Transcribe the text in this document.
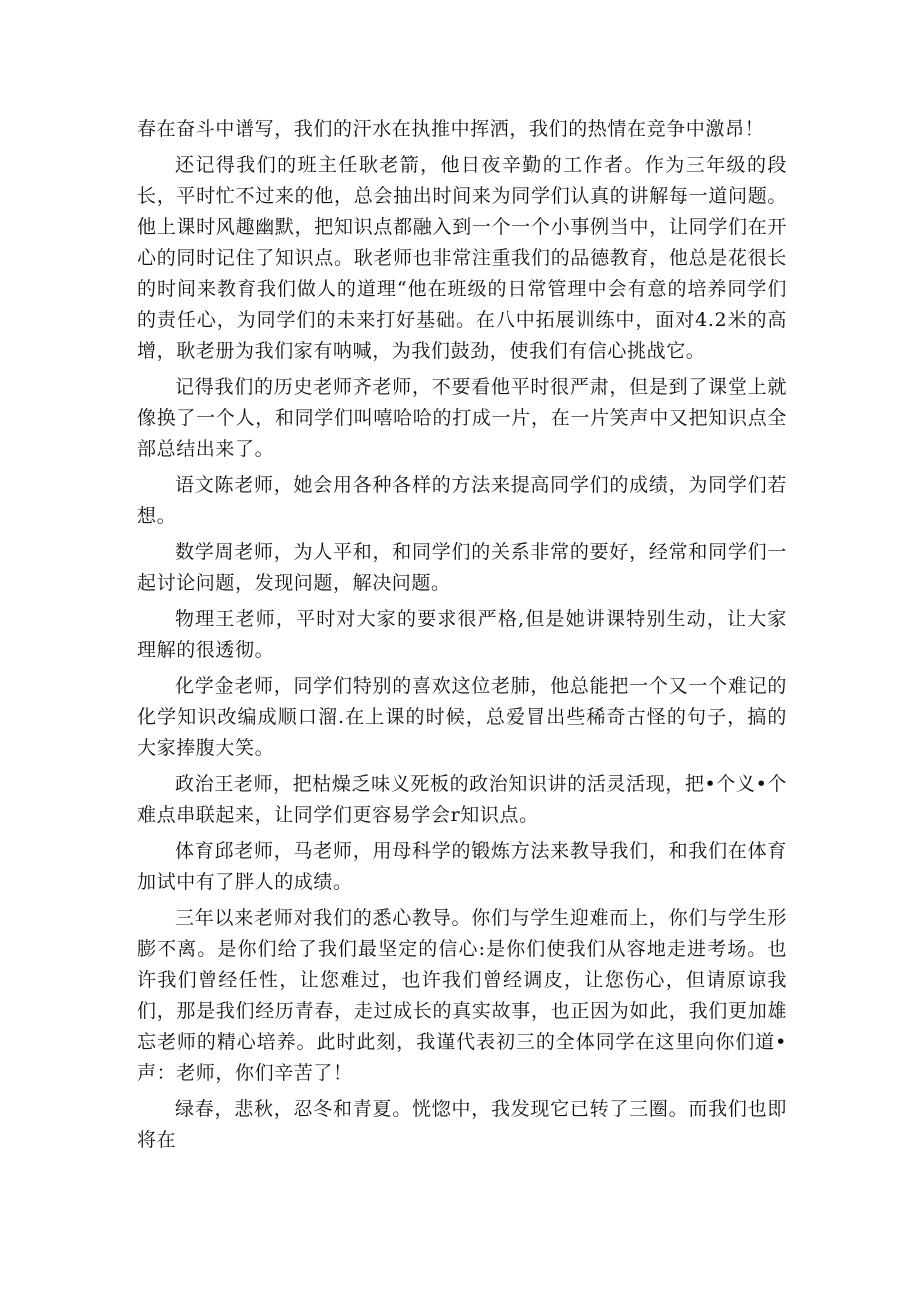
春在奋斗中谱写，我们的汗水在执推中挥洒，我们的热情在竞争中激昂！

还记得我们的班主任耿老箭，他日夜辛勤的工作者。作为三年级的段长，平时忙不过来的他，总会抽出时间来为同学们认真的讲解每一道问题。他上课时风趣幽默，把知识点都融入到一个一个小事例当中，让同学们在开心的同时记住了知识点。耿老师也非常注重我们的品德教育，他总是花很长的时间来教育我们做人的道理“他在班级的日常管理中会有意的培养同学们的责任心，为同学们的未来打好基础。在八中拓展训练中，面对4.2米的高增，耿老册为我们家有呐喊，为我们鼓劲，使我们有信心挑战它。

记得我们的历史老师齐老师，不要看他平时很严肃，但是到了课堂上就像换了一个人，和同学们叫嘻哈哈的打成一片，在一片笑声中又把知识点全部总结出来了。

语文陈老师，她会用各种各样的方法来提高同学们的成绩，为同学们若想。

数学周老师，为人平和，和同学们的关系非常的要好，经常和同学们一起讨论问题，发现问题，解决问题。

物理王老师，平时对大家的要求很严格,但是她讲课特别生动，让大家理解的很透彻。

化学金老师，同学们特别的喜欢这位老肺，他总能把一个又一个难记的化学知识改编成顺口溜.在上课的时候，总爱冒出些稀奇古怪的句子，搞的大家捧腹大笑。

政治王老师，把枯燥乏味义死板的政治知识讲的活灵活现，把•个义•个难点串联起来，让同学们更容易学会r知识点。

体育邱老师，马老师，用母科学的锻炼方法来教导我们，和我们在体育加试中有了胖人的成绩。

三年以来老师对我们的悉心教导。你们与学生迎难而上，你们与学生形膨不离。是你们给了我们最坚定的信心:是你们使我们从容地走进考场。也许我们曾经任性，让您难过，也许我们曾经调皮，让您伤心，但请原谅我们，那是我们经历青春，走过成长的真实故事，也正因为如此，我们更加雄忘老师的精心培养。此时此刻，我谨代表初三的全体同学在这里向你们道•声：老师，你们辛苦了！

绿春，悲秋，忍冬和青夏。恍惚中，我发现它已转了三圈。而我们也即将在
